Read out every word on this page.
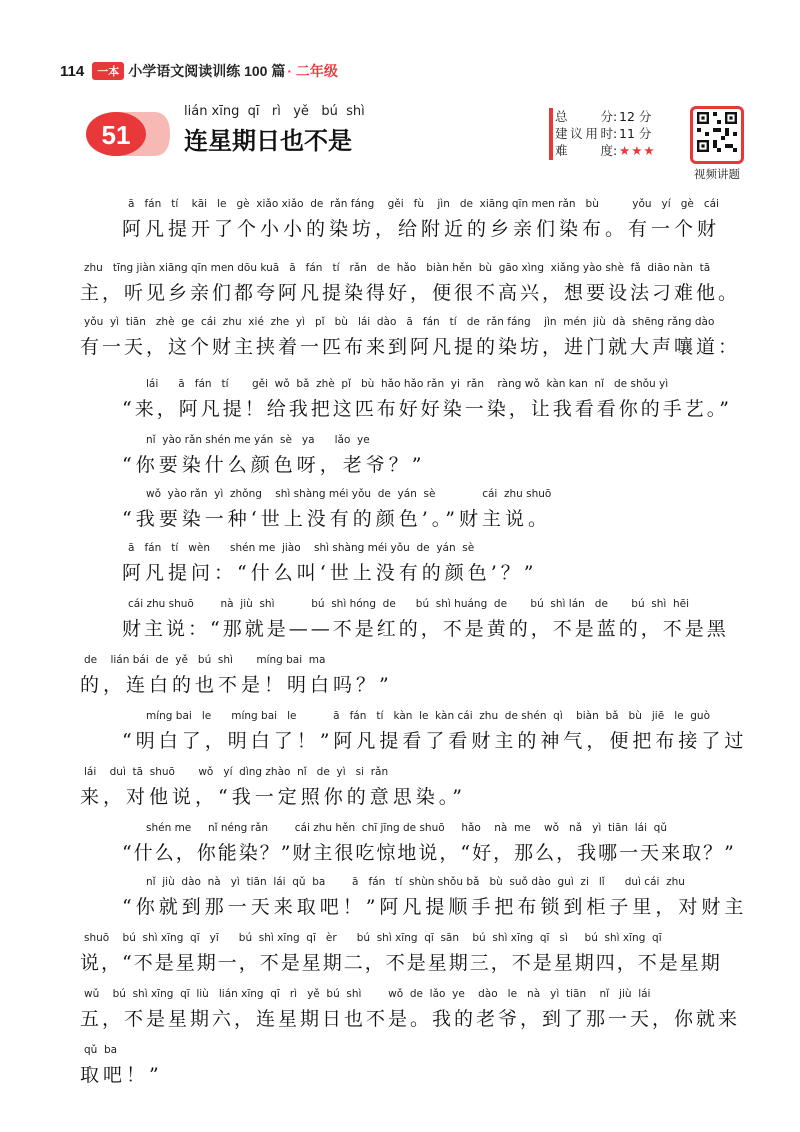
114	一本 小学语文阅读训练 100 篇 · 二年级
51
lián xīng  qī   rì   yě   bú  shì
连星期日也不是
总分 : 12 分
建议用时 : 11 分
难度 : ★★★
视频讲题
ā   fán   tí    kāi   le   gè  xiǎo xiǎo  de  rǎn fáng    gěi   fù    jìn   de  xiāng qīn men rǎn   bù          yǒu   yí   gè   cái
阿凡提开了个小小的染坊，给附近的乡亲们染布。有一个财
zhu   tīng jiàn xiāng qīn men dōu kuā   ā   fán   tí   rǎn   de  hǎo   biàn hěn  bù  gāo xìng  xiǎng yào shè  fǎ  diāo nàn  tā
主，听见乡亲们都夸阿凡提染得好，便很不高兴，想要设法刁难他。
yǒu  yì  tiān   zhè  ge  cái  zhu  xié  zhe  yì   pǐ   bù   lái  dào   ā   fán   tí   de  rǎn fáng    jìn  mén  jiù  dà  shēng rǎng dào
有一天，这个财主挟着一匹布来到阿凡提的染坊，进门就大声嚷道：
lái      ā   fán   tí       gěi  wǒ  bǎ  zhè  pǐ   bù  hǎo hǎo rǎn  yi  rǎn    ràng wǒ  kàn kan  nǐ   de shǒu yì
“来，阿凡提！给我把这匹布好好染一染，让我看看你的手艺。”
nǐ  yào rǎn shén me yán  sè   ya      lǎo  ye
“你要染什么颜色呀，老爷？”
wǒ  yào rǎn  yì  zhǒng    shì shàng méi yǒu  de  yán  sè              cái  zhu shuō
“我要染一种‘世上没有的颜色’。”财主说。
ā   fán   tí   wèn      shén me  jiào    shì shàng méi yǒu  de  yán  sè
阿凡提问：“什么叫‘世上没有的颜色’？”
cái zhu shuō        nà  jiù  shì           bú  shì hóng  de      bú  shì huáng  de       bú  shì lán   de       bú  shì  hēi
财主说：“那就是——不是红的，不是黄的，不是蓝的，不是黑
de    lián bái  de  yě   bú  shì       míng bai  ma
的，连白的也不是！明白吗？”
míng bai   le      míng bai   le           ā   fán   tí   kàn  le  kàn cái  zhu  de shén  qì    biàn  bǎ   bù   jiē   le  guò
“明白了，明白了！”阿凡提看了看财主的神气，便把布接了过
lái    duì  tā  shuō       wǒ   yí  dìng zhào  nǐ   de  yì   si  rǎn
来，对他说，“我一定照你的意思染。”
shén me     nǐ néng rǎn        cái zhu hěn  chī jīng de shuō     hǎo    nà  me    wǒ   nǎ   yì  tiān  lái  qǔ
“什么，你能染？”财主很吃惊地说，“好，那么，我哪一天来取？”
nǐ  jiù  dào  nà   yì  tiān  lái  qǔ  ba        ā   fán   tí  shùn shǒu bǎ   bù  suǒ dào  guì  zi   lǐ      duì cái  zhu
“你就到那一天来取吧！”阿凡提顺手把布锁到柜子里，对财主
shuō    bú  shì xīng  qī   yī      bú  shì xīng  qī   èr      bú  shì xīng  qī  sān    bú  shì xīng  qī   sì     bú  shì xīng  qī
说，“不是星期一，不是星期二，不是星期三，不是星期四，不是星期
wǔ    bú  shì xīng  qī  liù   lián xīng  qī   rì   yě  bú  shì        wǒ  de  lǎo  ye    dào   le   nà   yì  tiān    nǐ   jiù  lái
五，不是星期六，连星期日也不是。我的老爷，到了那一天，你就来
qǔ  ba
取吧！”
